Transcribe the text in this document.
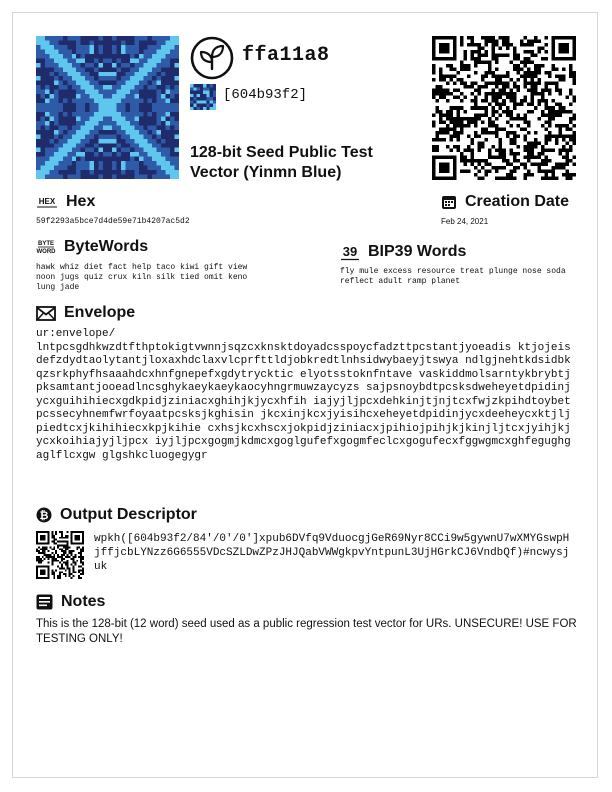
ffa11a8
[604b93f2]
128-bit Seed Public Test Vector (Yinmn Blue)
HEX Hex
59f2293a5bce7d4de59e71b4207ac5d2
Creation Date
Feb 24, 2021
BYTE
WORD ByteWords
hawk whiz diet fact help taco kiwi gift view noon jugs quiz crux kiln silk tied omit keno lung jade
39 BIP39 Words
fly mule excess resource treat plunge nose soda reflect adult ramp planet
Envelope
ur:envelope/
lntpcsgdhkwzdtfthptokigtvwnnjsqzcxknsktdoyadcsspoycfadzttpcstantjyoeadis ktjojeisdefzdydtaolytantjloxaxhdclaxvlcprfttldjobkredtlnhsidwybaeyjtswya ndlgjnehtkdsidbkqzsrkphyfhsaaahdcxhnfgnepefxgdytrycktic elyotsstoknfntave vaskiddmolsarntykbrybtjpksamtantjooeadlncsghykaeykaeykaocyhngrmuwzaycyzs sajpsnoybdtpcsksdweheyetdpidinjycxguihihiecxgdkpidjziniacxghihjkjycxhfih iajyjljpcxdehkinjtjnjtcxfwjzkpihdtoybetpcssecyhnemfwrfoyaatpcsksjkghisin jkcxinjkcxjyisihcxeheyetdpidinjycxdeeheycxktjljpiedtcxjkihihiecxkpjkihie cxhsjkcxhscxjokpidjziniacxjpihiojpihjkjkinjljtcxjyihjkjycxkoihiajyjljpcx iyjljpcxgogmjkdmcxgoglgufefxgogmfeclcxgogufecxfggwgmcxghfegughgaglflcxgw glgshkcluogegygr
₿ Output Descriptor
wpkh([604b93f2/84'/0'/0']xpub6DVfq9VduocgjGeR69Nyr8CCi9w5gywnU7wXMYGswpHjffjcbLYNzz6G6555VDcSZLDwZPzJHJQabVWWgkpvYntpunL3UjHGrkCJ6VndbQf)#ncwysjuk
Notes
This is the 128-bit (12 word) seed used as a public regression test vector for URs. UNSECURE! USE FOR TESTING ONLY!
